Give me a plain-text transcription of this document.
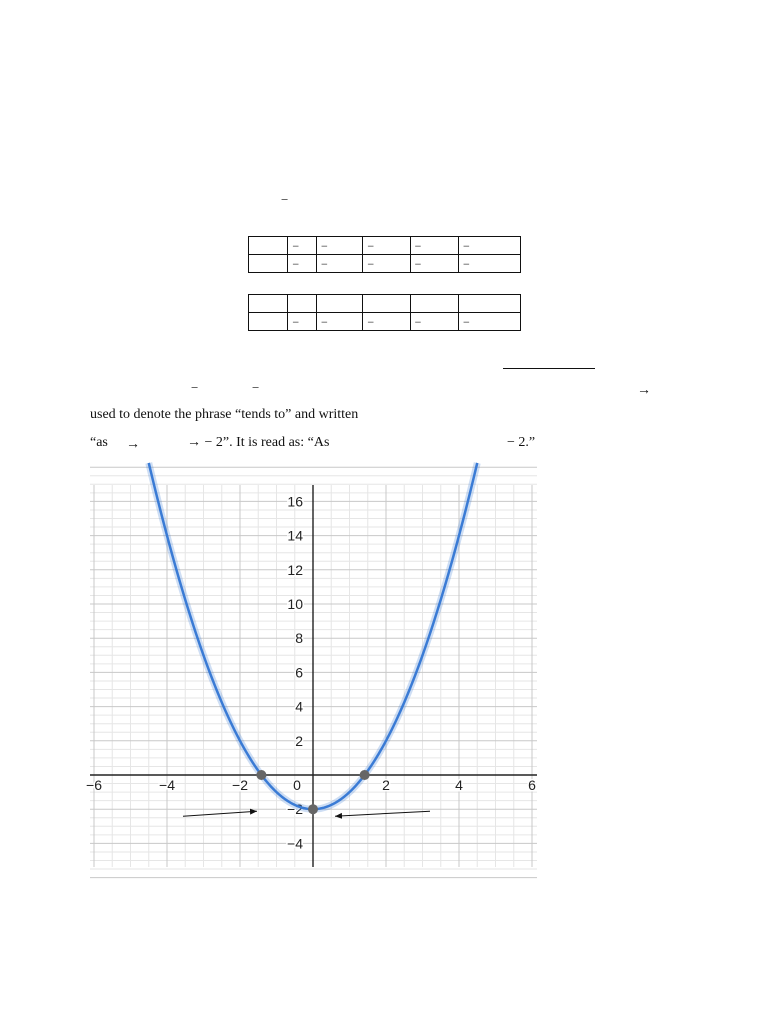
−
	−	−	−	−	−
	−	−	−	−	−

	−	−	−	−	−
−	−	→
used to denote the phrase “tends to” and written
“as →	→ − 2”. It is read as: “As	− 2.”
−6	−4	−2	0	2	4	6
−4
−2
2
4
6
8
10
12
14
16
